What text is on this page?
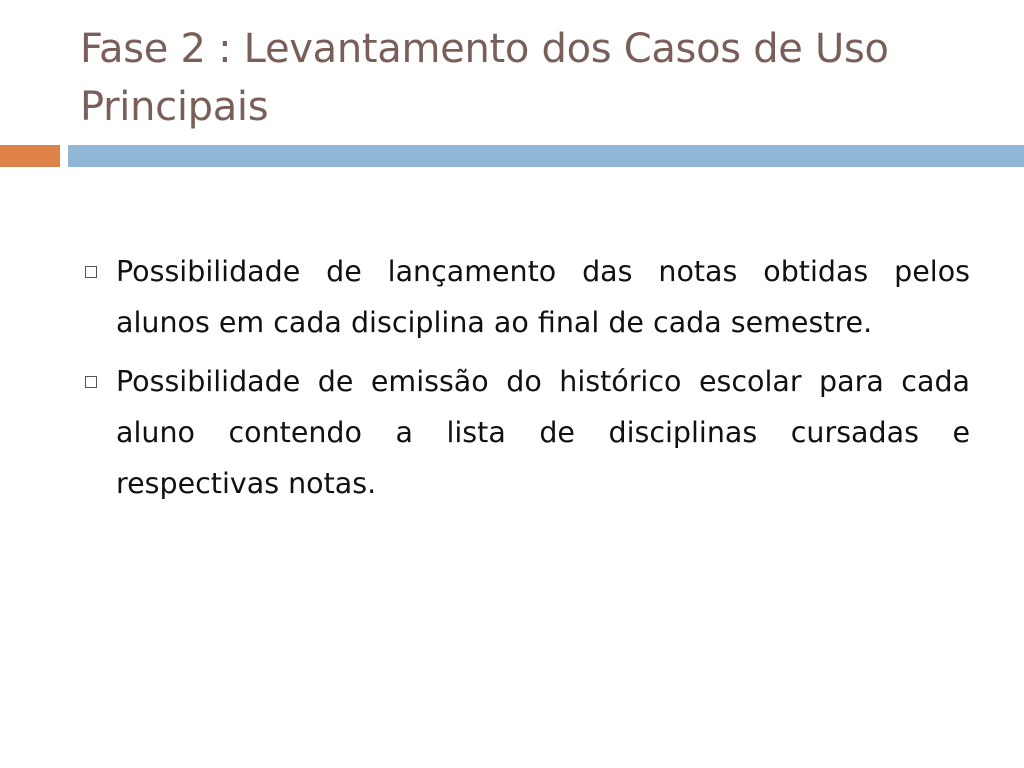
Fase 2 : Levantamento dos Casos de Uso Principais
Possibilidade de lançamento das notas obtidas pelos alunos em cada disciplina ao final de cada semestre.
Possibilidade de emissão do histórico escolar para cada aluno contendo a lista de disciplinas cursadas e respectivas notas.
